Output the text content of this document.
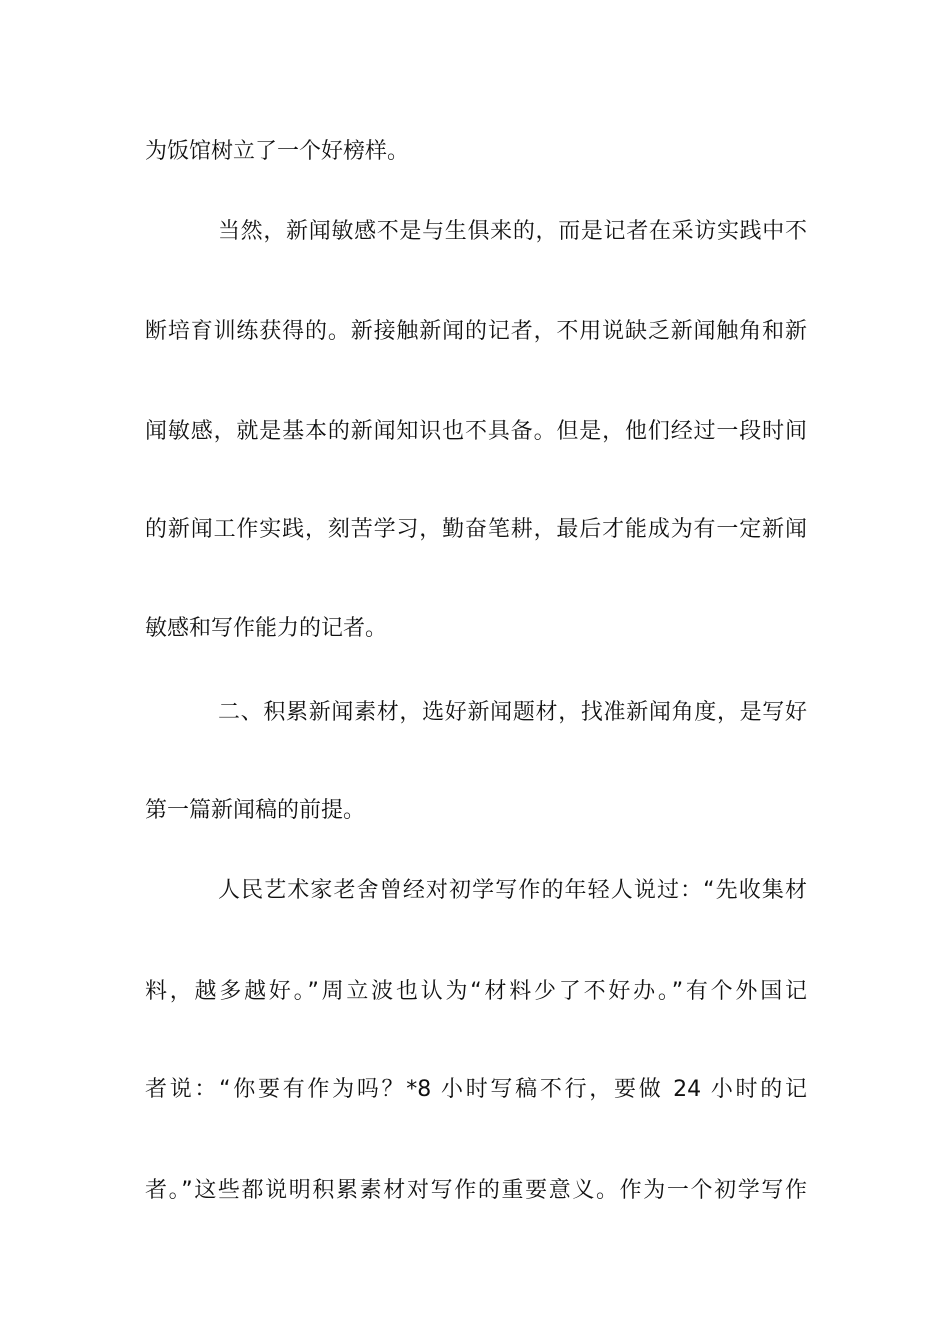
为饭馆树立了一个好榜样。
当然，新闻敏感不是与生俱来的，而是记者在采访实践中不
断培育训练获得的。新接触新闻的记者，不用说缺乏新闻触角和新
闻敏感，就是基本的新闻知识也不具备。但是，他们经过一段时间
的新闻工作实践，刻苦学习，勤奋笔耕，最后才能成为有一定新闻
敏感和写作能力的记者。
二、积累新闻素材，选好新闻题材，找准新闻角度，是写好
第一篇新闻稿的前提。
人民艺术家老舍曾经对初学写作的年轻人说过：“先收集材
料，越多越好。”周立波也认为“材料少了不好办。”有个外国记
者说：“你要有作为吗？*8 小时写稿不行，要做 24 小时的记
者。”这些都说明积累素材对写作的重要意义。作为一个初学写作
